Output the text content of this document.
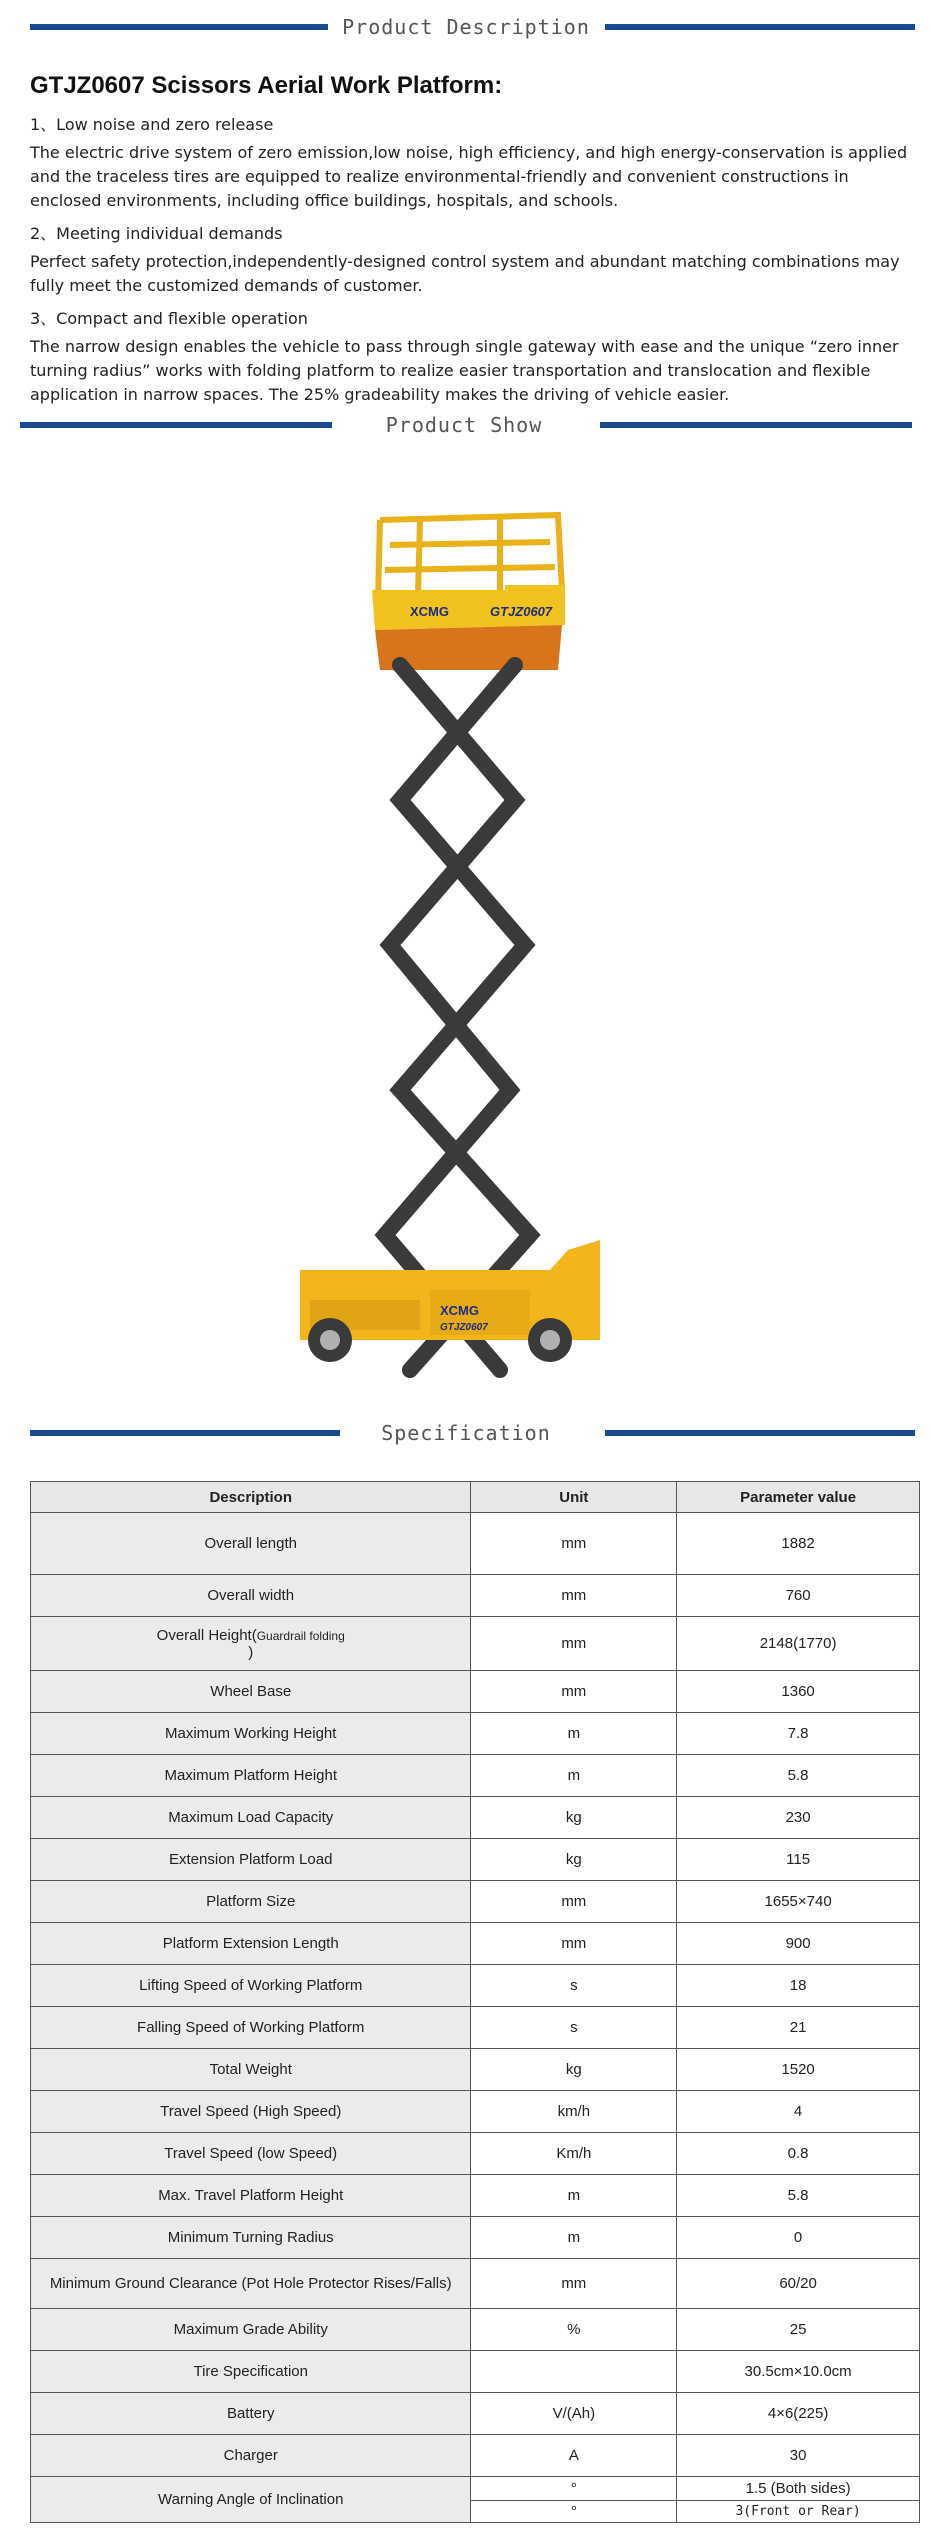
Product Description
GTJZ0607 Scissors Aerial Work Platform:
1、Low noise and zero release
The electric drive system of zero emission,low noise, high efficiency, and high energy-conservation is applied and the traceless tires are equipped to realize environmental-friendly and convenient constructions in enclosed environments, including office buildings, hospitals, and schools.
2、Meeting individual demands
Perfect safety protection,independently-designed control system and abundant matching combinations may fully meet the customized demands of customer.
3、Compact and flexible operation
The narrow design enables the vehicle to pass through single gateway with ease and the unique “zero inner turning radius” works with folding platform to realize easier transportation and translocation and flexible application in narrow spaces. The 25% gradeability makes the driving of vehicle easier.
Product Show
XCMG	GTJZ0607
XCMG
GTJZ0607
Specification
Description	Unit	Parameter value
Overall length	mm	1882
Overall width	mm	760
Overall Height(Guardrail folding
)	mm	2148(1770)
Wheel Base	mm	1360
Maximum Working Height	m	7.8
Maximum Platform Height	m	5.8
Maximum Load Capacity	kg	230
Extension Platform Load	kg	115
Platform Size	mm	1655×740
Platform Extension Length	mm	900
Lifting Speed of Working Platform	s	18
Falling Speed of Working Platform	s	21
Total Weight	kg	1520
Travel Speed (High Speed)	km/h	4
Travel Speed (low Speed)	Km/h	0.8
Max. Travel Platform Height	m	5.8
Minimum Turning Radius	m	0
Minimum Ground Clearance (Pot Hole Protector Rises/Falls)	mm	60/20
Maximum Grade Ability	%	25
Tire Specification		30.5cm×10.0cm
Battery	V/(Ah)	4×6(225)
Charger	A	30
Warning Angle of Inclination	°	1.5 (Both sides)
	°	3(Front or Rear)
